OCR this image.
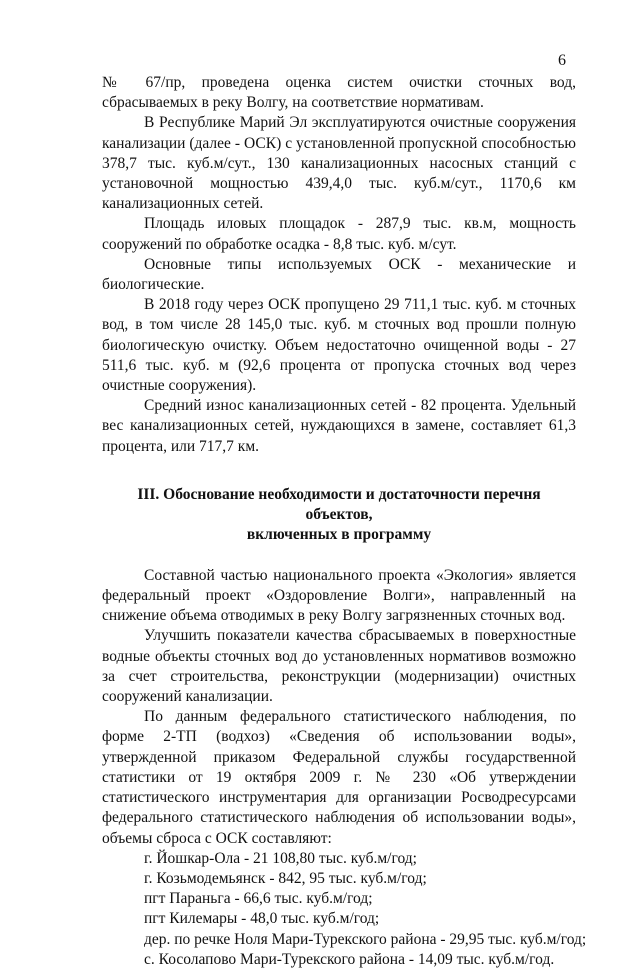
6

№ 67/пр, проведена оценка систем очистки сточных вод, сбрасываемых в реку Волгу, на соответствие нормативам.

В Республике Марий Эл эксплуатируются очистные сооружения канализации (далее - ОСК) с установленной пропускной способностью 378,7 тыс. куб.м/сут., 130 канализационных насосных станций с установочной мощностью 439,4,0 тыс. куб.м/сут., 1170,6 км канализационных сетей.

Площадь иловых площадок - 287,9 тыс. кв.м, мощность сооружений по обработке осадка - 8,8 тыс. куб. м/сут.

Основные типы используемых ОСК - механические и биологические.

В 2018 году через ОСК пропущено 29 711,1 тыс. куб. м сточных вод, в том числе 28 145,0 тыс. куб. м сточных вод прошли полную биологическую очистку. Объем недостаточно очищенной воды - 27 511,6 тыс. куб. м (92,6 процента от пропуска сточных вод через очистные сооружения).

Средний износ канализационных сетей - 82 процента. Удельный вес канализационных сетей, нуждающихся в замене, составляет 61,3 процента, или 717,7 км.

III. Обоснование необходимости и достаточности перечня объектов,
включенных в программу

Составной частью национального проекта «Экология» является федеральный проект «Оздоровление Волги», направленный на снижение объема отводимых в реку Волгу загрязненных сточных вод.

Улучшить показатели качества сбрасываемых в поверхностные водные объекты сточных вод до установленных нормативов возможно за счет строительства, реконструкции (модернизации) очистных сооружений канализации.

По данным федерального статистического наблюдения, по форме 2-ТП (водхоз) «Сведения об использовании воды», утвержденной приказом Федеральной службы государственной статистики от 19 октября 2009 г. № 230 «Об утверждении статистического инструментария для организации Росводресурсами федерального статистического наблюдения об использовании воды», объемы сброса с ОСК составляют:

г. Йошкар-Ола - 21 108,80 тыс. куб.м/год;
г. Козьмодемьянск - 842, 95 тыс. куб.м/год;
пгт Параньга - 66,6 тыс. куб.м/год;
пгт Килемары - 48,0 тыс. куб.м/год;
дер. по речке Ноля Мари-Турекского района - 29,95 тыс. куб.м/год;
с. Косолапово Мари-Турекского района - 14,09 тыс. куб.м/год.
